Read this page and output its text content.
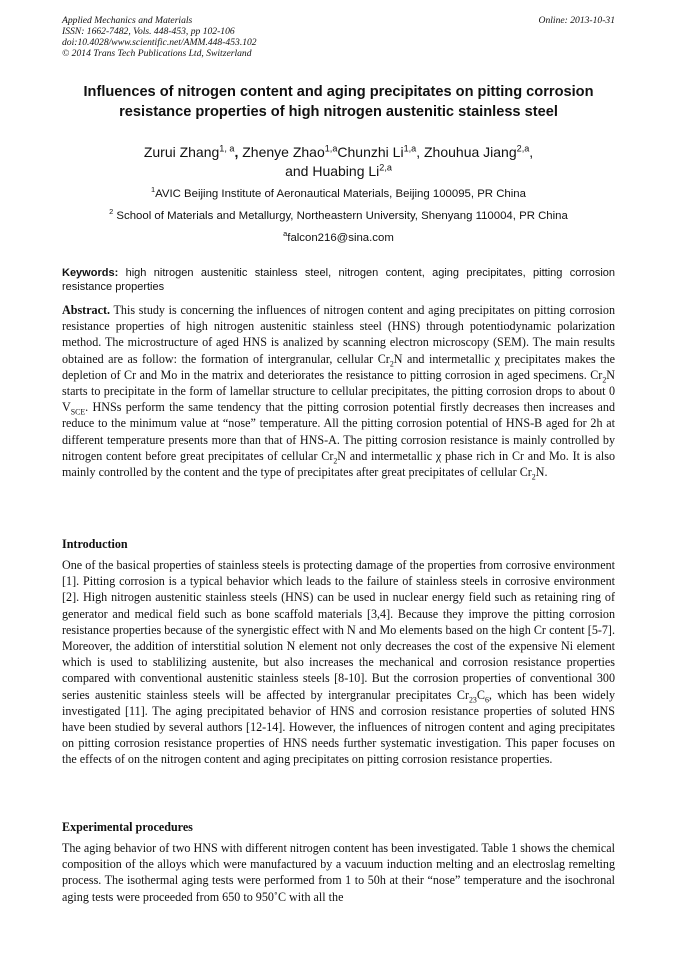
Applied Mechanics and Materials
ISSN: 1662-7482, Vols. 448-453, pp 102-106
doi:10.4028/www.scientific.net/AMM.448-453.102
© 2014 Trans Tech Publications Ltd, Switzerland
Online: 2013-10-31
Influences of nitrogen content and aging precipitates on pitting corrosion resistance properties of high nitrogen austenitic stainless steel
Zurui Zhang$^{1, a}$, Zhenye Zhao$^{1,a}$Chunzhi Li$^{1,a}$, Zhouhua Jiang$^{2,a}$,
and Huabing Li$^{2,a}$
$^1$AVIC Beijing Institute of Aeronautical Materials, Beijing 100095, PR China
$^2$ School of Materials and Metallurgy, Northeastern University, Shenyang 110004, PR China
$^a$falcon216@sina.com
Keywords: high nitrogen austenitic stainless steel, nitrogen content, aging precipitates, pitting corrosion resistance properties
Abstract. This study is concerning the influences of nitrogen content and aging precipitates on pitting corrosion resistance properties of high nitrogen austenitic stainless steel (HNS) through potentiodynamic polarization method. The microstructure of aged HNS is analized by scanning electron microscopy (SEM). The main results obtained are as follow: the formation of intergranular, cellular $Cr_2N$ and intermetallic χ precipitates makes the depletion of Cr and Mo in the matrix and deteriorates the resistance to pitting corrosion in aged specimens. $Cr_2N$ starts to precipitate in the form of lamellar structure to cellular precipitates, the pitting corrosion drops to about 0 $V_{SCE}$. HNSs perform the same tendency that the pitting corrosion potential firstly decreases then increases and reduce to the minimum value at “nose” temperature. All the pitting corrosion potential of HNS-B aged for 2h at different temperature presents more than that of HNS-A. The pitting corrosion resistance is mainly controlled by nitrogen content before great precipitates of cellular $Cr_2N$ and intermetallic χ phase rich in Cr and Mo. It is also mainly controlled by the content and the type of precipitates after great precipitates of cellular $Cr_2N$.
Introduction
One of the basical properties of stainless steels is protecting damage of the properties from corrosive environment [1]. Pitting corrosion is a typical behavior which leads to the failure of stainless steels in corrosive environment [2]. High nitrogen austenitic stainless steels (HNS) can be used in nuclear energy field such as retaining ring of generator and medical field such as bone scaffold materials [3,4]. Because they improve the pitting corrosion resistance properties because of the synergistic effect with N and Mo elements based on the high Cr content [5-7]. Moreover, the addition of interstitial solution N element not only decreases the cost of the expensive Ni element which is used to stablilizing austenite, but also increases the mechanical and corrosion resistance properties compared with conventional austenitic stainless steels [8-10]. But the corrosion properties of conventional 300 series austenitic stainless steels will be affected by intergranular precipitates $Cr_{23}C_6$, which has been widely investigated [11]. The aging precipitated behavior of HNS and corrosion resistance properties of soluted HNS have been studied by several authors [12-14]. However, the influences of nitrogen content and aging precipitates on pitting corrosion resistance properties of HNS needs further systematic investigation. This paper focuses on the effects of on the nitrogen content and aging precipitates on pitting corrosion resistance properties.
Experimental procedures
The aging behavior of two HNS with different nitrogen content has been investigated. Table 1 shows the chemical composition of the alloys which were manufactured by a vacuum induction melting and an electroslag remelting process. The isothermal aging tests were performed from 1 to 50h at their “nose” temperature and the isochronal aging tests were proceeded from 650 to 950˚C with all the
